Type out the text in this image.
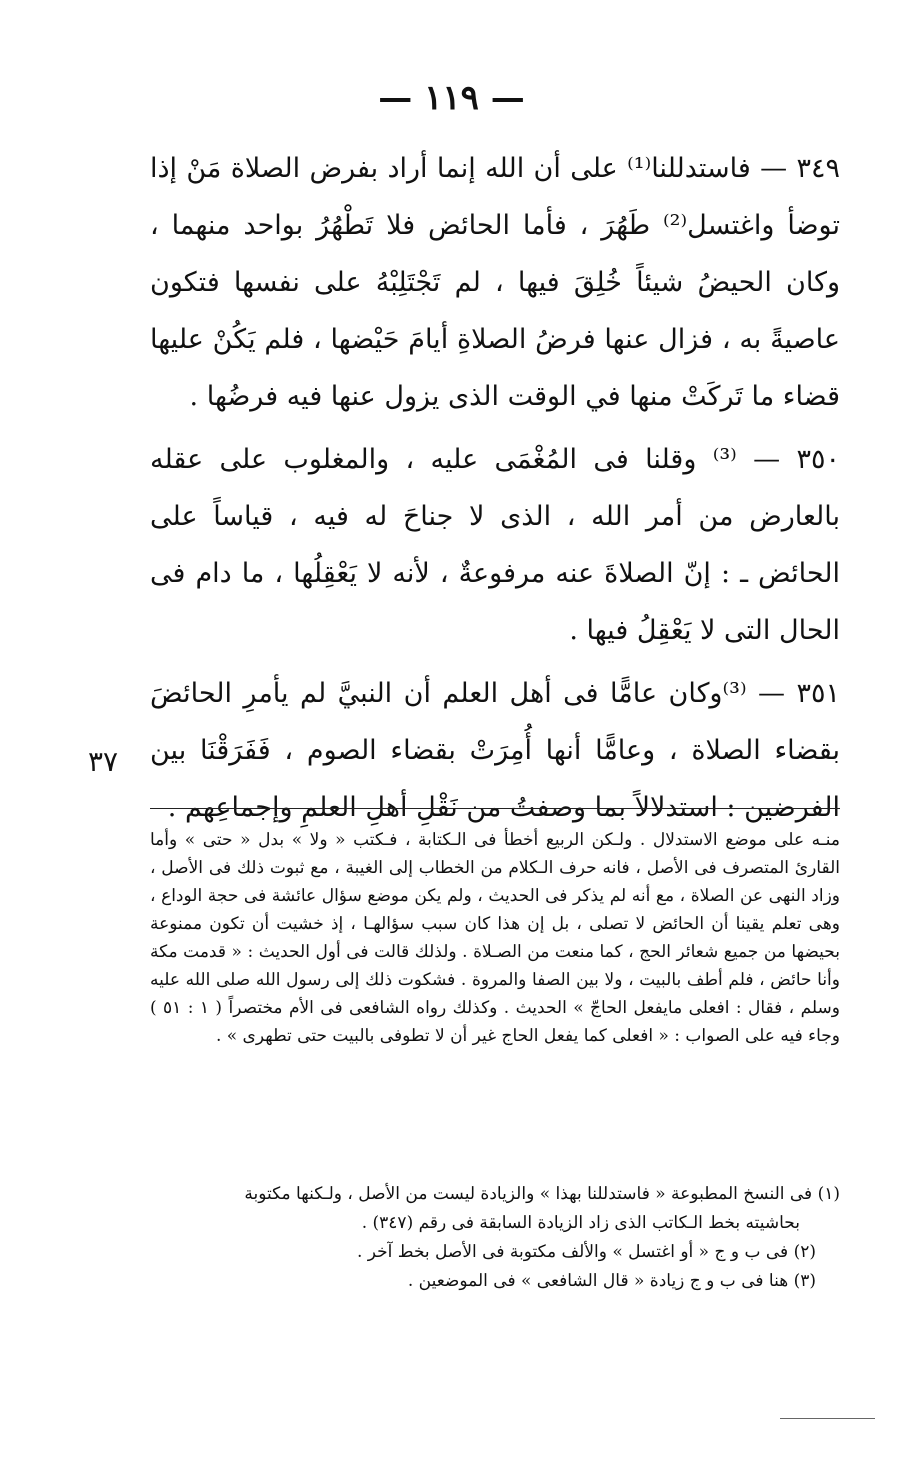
— ١١٩ —

٣٤٩ — فاستدللنا⁽¹⁾ على أن الله إنما أراد بفرض الصلاة مَنْ إذا توضأ واغتسل⁽²⁾ طَهُرَ ، فأما الحائض فلا تَطْهُرُ بواحد منهما ، وكان الحيضُ شيئاً خُلِقَ فيها ، لم تَجْتَلِبْهُ على نفسها فتكون عاصيةً به ، فزال عنها فرضُ الصلاةِ أيامَ حَيْضها ، فلم يَكُنْ عليها قضاء ما تَركَتْ منها في الوقت الذى يزول عنها فيه فرضُها .

٣٥٠ — ⁽³⁾ وقلنا فى المُغْمَى عليه ، والمغلوب على عقله بالعارض من أمر الله ، الذى لا جناحَ له فيه ، قياساً على الحائض ـ : إنّ الصلاةَ عنه مرفوعةٌ ، لأنه لا يَعْقِلُها ، ما دام فى الحال التى لا يَعْقِلُ فيها .

٣٥١ — ⁽³⁾وكان عامًّا فى أهل العلم أن النبيَّ لم يأمرِ الحائضَ بقضاء الصلاة ، وعامًّا أنها أُمِرَتْ بقضاء الصوم ، فَفَرَقْنَا بين الفرضين : استدلالاً بما وصفتُ من نَقْلِ أهلِ العلمِ وإجماعِهم .

٣٧
منـه على موضع الاستدلال . ولـكن الربيع أخطأ فى الـكتابة ، فـكتب « ولا » بدل « حتى » وأما القارئ المتصرف فى الأصل ، فانه حرف الـكلام من الخطاب إلى الغيبة ، مع ثبوت ذلك فى الأصل ، وزاد النهى عن الصلاة ، مع أنه لم يذكر فى الحديث ، ولم يكن موضع سؤال عائشة فى حجة الوداع ، وهى تعلم يقينا أن الحائض لا تصلى ، بل إن هذا كان سبب سؤالهـا ، إذ خشيت أن تكون ممنوعة بحيضها من جميع شعائر الحج ، كما منعت من الصـلاة . ولذلك قالت فى أول الحديث : « قدمت مكة وأنا حائض ، فلم أطف بالبيت ، ولا بين الصفا والمروة . فشكوت ذلك إلى رسول الله صلى الله عليه وسلم ، فقال : افعلى مايفعل الحاجّ » الحديث . وكذلك رواه الشافعى فى الأم مختصراً ( ١ : ٥١ ) وجاء فيه على الصواب : « افعلى كما يفعل الحاج غير أن لا تطوفى بالبيت حتى تطهرى » .

(١) فى النسخ المطبوعة « فاستدللنا بهذا » والزيادة ليست من الأصل ، ولـكنها مكتوبة

بحاشيته بخط الـكاتب الذى زاد الزيادة السابقة فى رقم (٣٤٧) .

(٢) فى ب و ج « أو اغتسل » والألف مكتوبة فى الأصل بخط آخر .

(٣) هنا فى ب و ج زيادة « قال الشافعى » فى الموضعين .
